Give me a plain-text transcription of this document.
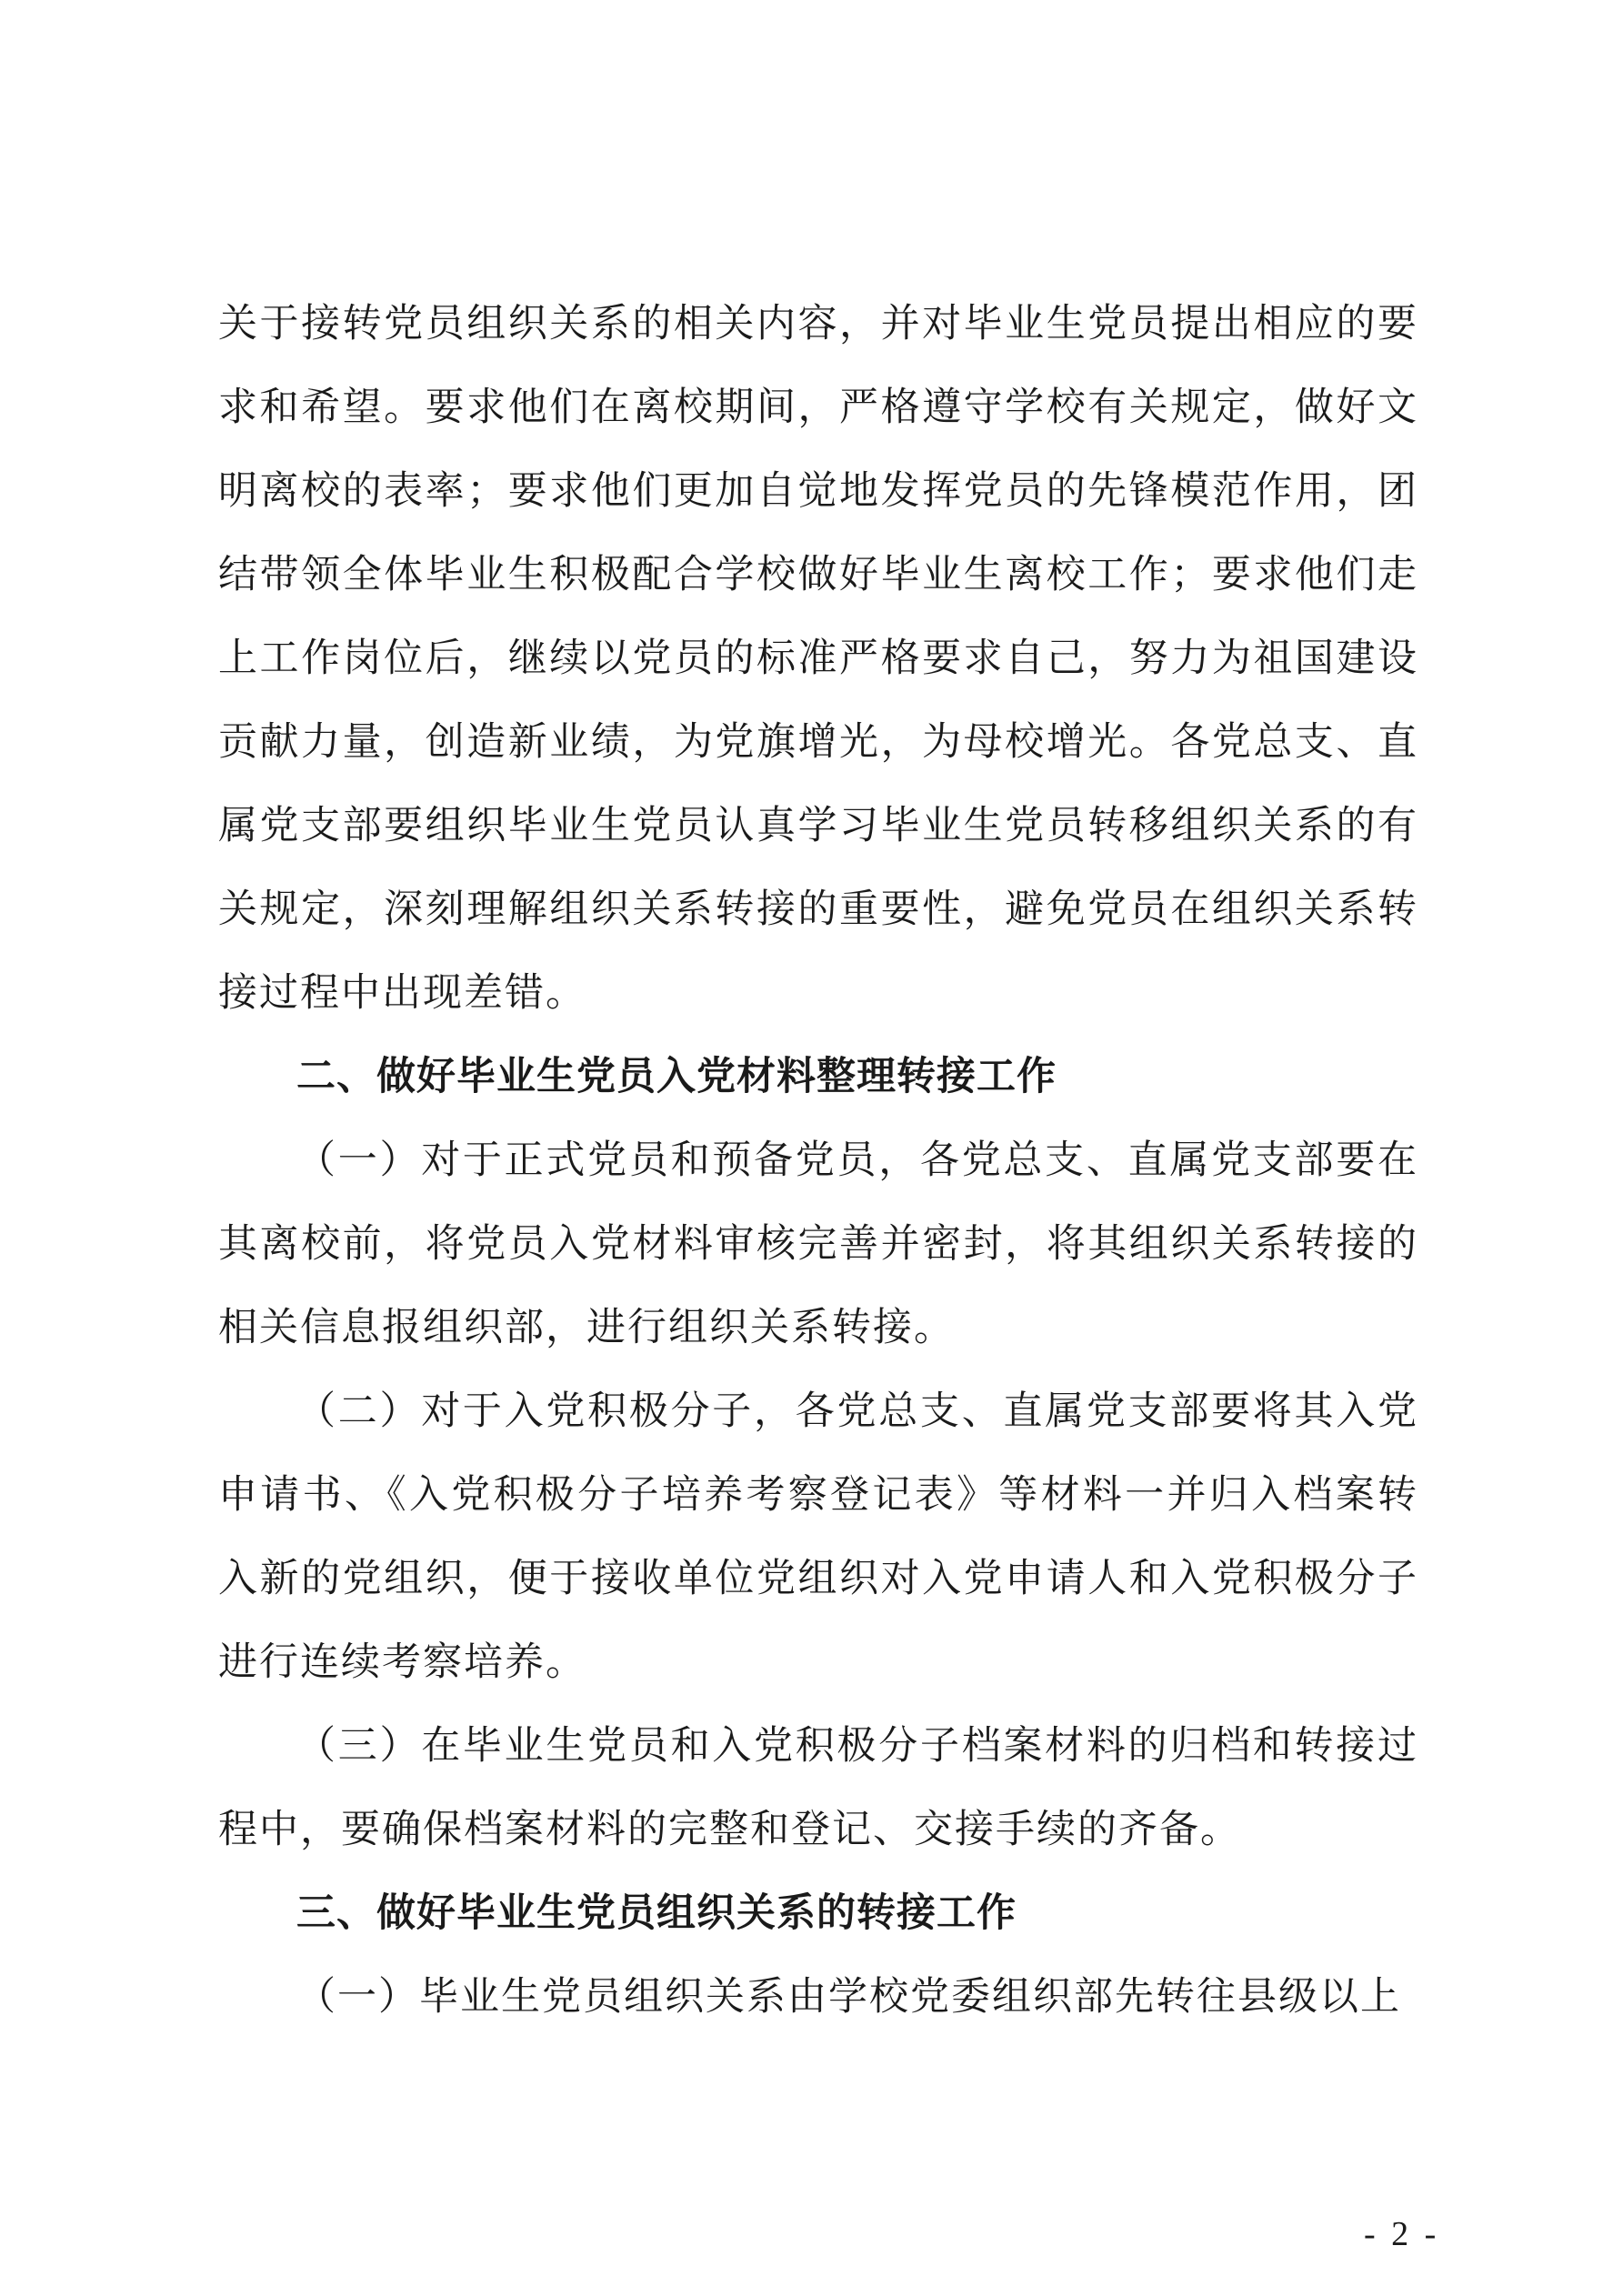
关于接转党员组织关系的相关内容，并对毕业生党员提出相应的要
求和希望。要求他们在离校期间，严格遵守学校有关规定，做好文
明离校的表率；要求他们更加自觉地发挥党员的先锋模范作用，团
结带领全体毕业生积极配合学校做好毕业生离校工作；要求他们走
上工作岗位后，继续以党员的标准严格要求自己，努力为祖国建设
贡献力量，创造新业绩，为党旗增光，为母校增光。各党总支、直
属党支部要组织毕业生党员认真学习毕业生党员转移组织关系的有
关规定，深刻理解组织关系转接的重要性，避免党员在组织关系转
接过程中出现差错。
二、做好毕业生党员入党材料整理转接工作
（一）对于正式党员和预备党员，各党总支、直属党支部要在
其离校前，将党员入党材料审核完善并密封，将其组织关系转接的
相关信息报组织部，进行组织关系转接。
（二）对于入党积极分子，各党总支、直属党支部要将其入党
申请书、《入党积极分子培养考察登记表》等材料一并归入档案转
入新的党组织，便于接收单位党组织对入党申请人和入党积极分子
进行连续考察培养。
（三）在毕业生党员和入党积极分子档案材料的归档和转接过
程中，要确保档案材料的完整和登记、交接手续的齐备。
三、做好毕业生党员组织关系的转接工作
（一）毕业生党员组织关系由学校党委组织部先转往县级以上
- 2 -
